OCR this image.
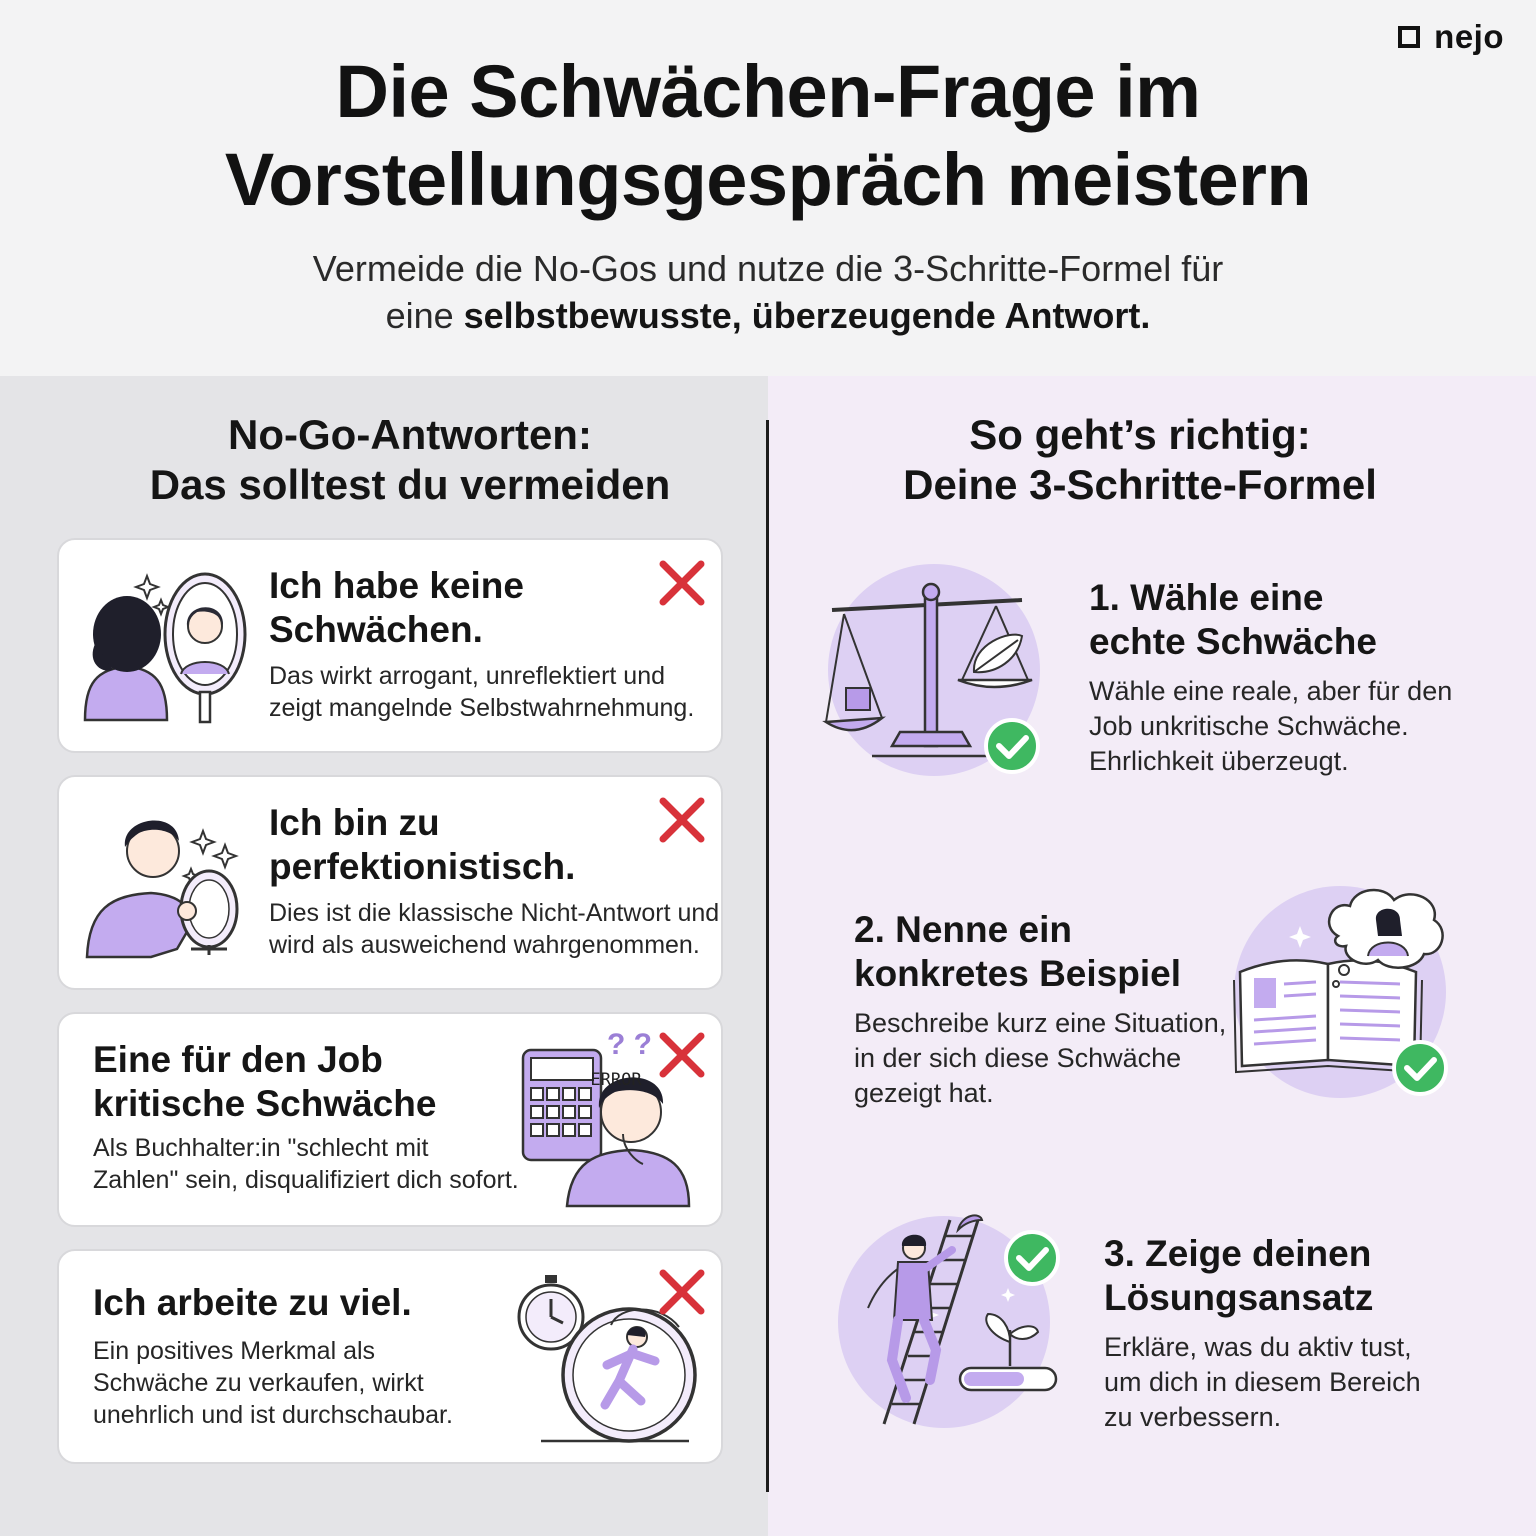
nejo
Die Schwächen-Frage im
Vorstellungsgespräch meistern
Vermeide die No-Gos und nutze die 3-Schritte-Formel für
eine selbstbewusste, überzeugende Antwort.
No-Go-Antworten:
Das solltest du vermeiden
So geht’s richtig:
Deine 3-Schritte-Formel
Ich habe keine
Schwächen.
Das wirkt arrogant, unreflektiert und
zeigt mangelnde Selbstwahrnehmung.
Ich bin zu
perfektionistisch.
Dies ist die klassische Nicht-Antwort und
wird als ausweichend wahrgenommen.
Eine für den Job
kritische Schwäche
Als Buchhalter:in "schlecht mit
Zahlen" sein, disqualifiziert dich sofort.
ERROR
? ?
Ich arbeite zu viel.
Ein positives Merkmal als
Schwäche zu verkaufen, wirkt
unehrlich und ist durchschaubar.
1. Wähle eine
echte Schwäche
Wähle eine reale, aber für den
Job unkritische Schwäche.
Ehrlichkeit überzeugt.
2. Nenne ein
konkretes Beispiel
Beschreibe kurz eine Situation,
in der sich diese Schwäche
gezeigt hat.
3. Zeige deinen
Lösungsansatz
Erkläre, was du aktiv tust,
um dich in diesem Bereich
zu verbessern.
